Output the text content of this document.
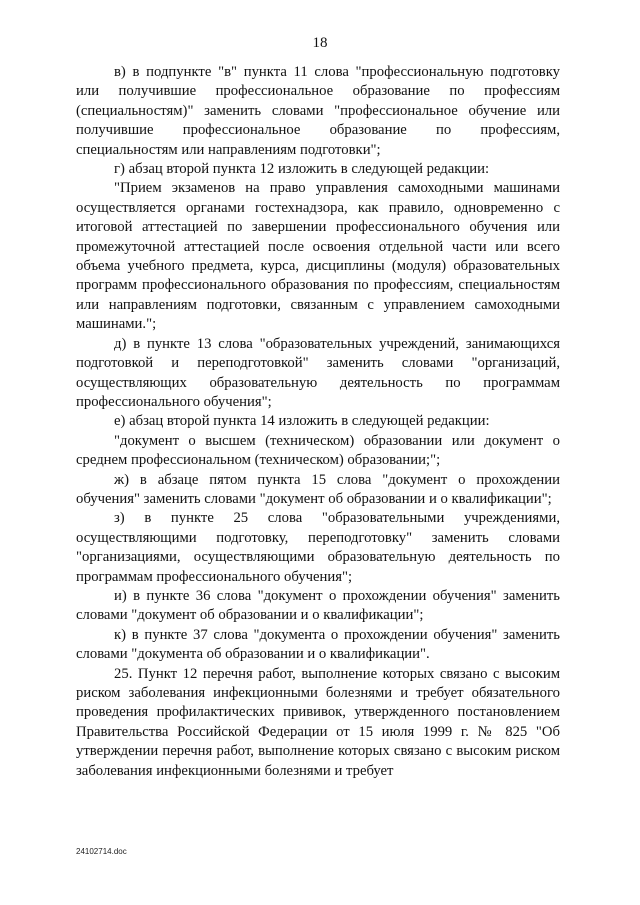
18

в) в подпункте "в" пункта 11 слова "профессиональную подготовку или получившие профессиональное образование по профессиям (специальностям)" заменить словами "профессиональное обучение или получившие профессиональное образование по профессиям, специальностям или направлениям подготовки";

г) абзац второй пункта 12 изложить в следующей редакции:

"Прием экзаменов на право управления самоходными машинами осуществляется органами гостехнадзора, как правило, одновременно с итоговой аттестацией по завершении профессионального обучения или промежуточной аттестацией после освоения отдельной части или всего объема учебного предмета, курса, дисциплины (модуля) образовательных программ профессионального образования по профессиям, специальностям или направлениям подготовки, связанным с управлением самоходными машинами.";

д) в пункте 13 слова "образовательных учреждений, занимающихся подготовкой и переподготовкой" заменить словами "организаций, осуществляющих образовательную деятельность по программам профессионального обучения";

е) абзац второй пункта 14 изложить в следующей редакции:

"документ о высшем (техническом) образовании или документ о среднем профессиональном (техническом) образовании;";

ж) в абзаце пятом пункта 15 слова "документ о прохождении обучения" заменить словами "документ об образовании и о квалификации";

з) в пункте 25 слова "образовательными учреждениями, осуществляющими подготовку, переподготовку" заменить словами "организациями, осуществляющими образовательную деятельность по программам профессионального обучения";

и) в пункте 36 слова "документ о прохождении обучения" заменить словами "документ об образовании и о квалификации";

к) в пункте 37 слова "документа о прохождении обучения" заменить словами "документа об образовании и о квалификации".

25. Пункт 12 перечня работ, выполнение которых связано с высоким риском заболевания инфекционными болезнями и требует обязательного проведения профилактических прививок, утвержденного постановлением Правительства Российской Федерации от 15 июля 1999 г. № 825 "Об утверждении перечня работ, выполнение которых связано с высоким риском заболевания инфекционными болезнями и требует

24102714.doc
